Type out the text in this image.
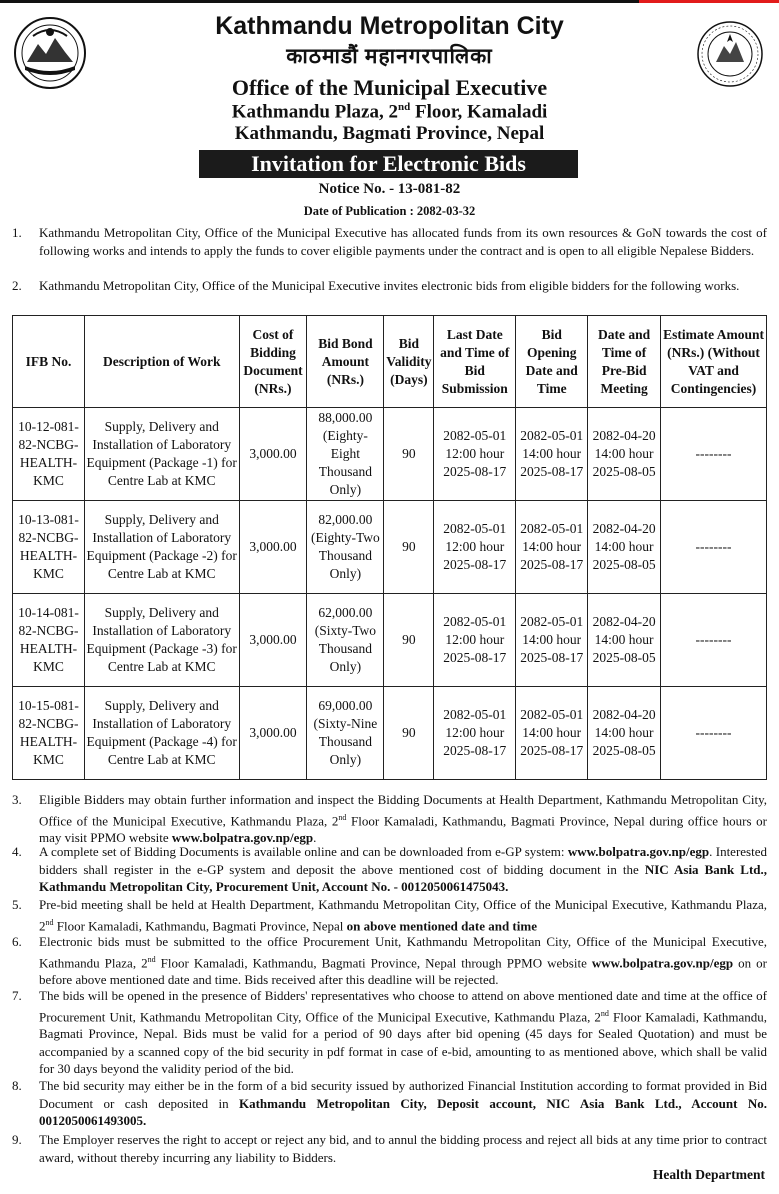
Kathmandu Metropolitan City
काठमाडौं महानगरपालिका
Office of the Municipal Executive
Kathmandu Plaza, 2nd Floor, Kamaladi
Kathmandu, Bagmati Province, Nepal
Invitation for Electronic Bids
Notice No. - 13-081-82
Date of Publication : 2082-03-32
1. Kathmandu Metropolitan City, Office of the Municipal Executive has allocated funds from its own resources & GoN towards the cost of following works and intends to apply the funds to cover eligible payments under the contract and is open to all eligible Nepalese Bidders.
2. Kathmandu Metropolitan City, Office of the Municipal Executive invites electronic bids from eligible bidders for the following works.
IFB No.	Description of Work	Cost of Bidding Document (NRs.)	Bid Bond Amount (NRs.)	Bid Validity (Days)	Last Date and Time of Bid Submission	Bid Opening Date and Time	Date and Time of Pre-Bid Meeting	Estimate Amount (NRs.) (Without VAT and Contingencies)
10-12-081-82-NCBG-HEALTH-KMC	Supply, Delivery and Installation of Laboratory Equipment (Package -1) for Centre Lab at KMC	3,000.00	88,000.00 (Eighty-Eight Thousand Only)	90	2082-05-01 12:00 hour 2025-08-17	2082-05-01 14:00 hour 2025-08-17	2082-04-20 14:00 hour 2025-08-05	--------
10-13-081-82-NCBG-HEALTH-KMC	Supply, Delivery and Installation of Laboratory Equipment (Package -2) for Centre Lab at KMC	3,000.00	82,000.00 (Eighty-Two Thousand Only)	90	2082-05-01 12:00 hour 2025-08-17	2082-05-01 14:00 hour 2025-08-17	2082-04-20 14:00 hour 2025-08-05	--------
10-14-081-82-NCBG-HEALTH-KMC	Supply, Delivery and Installation of Laboratory Equipment (Package -3) for Centre Lab at KMC	3,000.00	62,000.00 (Sixty-Two Thousand Only)	90	2082-05-01 12:00 hour 2025-08-17	2082-05-01 14:00 hour 2025-08-17	2082-04-20 14:00 hour 2025-08-05	--------
10-15-081-82-NCBG-HEALTH-KMC	Supply, Delivery and Installation of Laboratory Equipment (Package -4) for Centre Lab at KMC	3,000.00	69,000.00 (Sixty-Nine Thousand Only)	90	2082-05-01 12:00 hour 2025-08-17	2082-05-01 14:00 hour 2025-08-17	2082-04-20 14:00 hour 2025-08-05	--------
3. Eligible Bidders may obtain further information and inspect the Bidding Documents at Health Department, Kathmandu Metropolitan City, Office of the Municipal Executive, Kathmandu Plaza, 2nd Floor Kamaladi, Kathmandu, Bagmati Province, Nepal during office hours or may visit PPMO website www.bolpatra.gov.np/egp.
4. A complete set of Bidding Documents is available online and can be downloaded from e-GP system: www.bolpatra.gov.np/egp. Interested bidders shall register in the e-GP system and deposit the above mentioned cost of bidding document in the NIC Asia Bank Ltd., Kathmandu Metropolitan City, Procurement Unit, Account No. - 0012050061475043.
5. Pre-bid meeting shall be held at Health Department, Kathmandu Metropolitan City, Office of the Municipal Executive, Kathmandu Plaza, 2nd Floor Kamaladi, Kathmandu, Bagmati Province, Nepal on above mentioned date and time
6. Electronic bids must be submitted to the office Procurement Unit, Kathmandu Metropolitan City, Office of the Municipal Executive, Kathmandu Plaza, 2nd Floor Kamaladi, Kathmandu, Bagmati Province, Nepal through PPMO website www.bolpatra.gov.np/egp on or before above mentioned date and time. Bids received after this deadline will be rejected.
7. The bids will be opened in the presence of Bidders' representatives who choose to attend on above mentioned date and time at the office of Procurement Unit, Kathmandu Metropolitan City, Office of the Municipal Executive, Kathmandu Plaza, 2nd Floor Kamaladi, Kathmandu, Bagmati Province, Nepal. Bids must be valid for a period of 90 days after bid opening (45 days for Sealed Quotation) and must be accompanied by a scanned copy of the bid security in pdf format in case of e-bid, amounting to as mentioned above, which shall be valid for 30 days beyond the validity period of the bid.
8. The bid security may either be in the form of a bid security issued by authorized Financial Institution according to format provided in Bid Document or cash deposited in Kathmandu Metropolitan City, Deposit account, NIC Asia Bank Ltd., Account No. 0012050061493005.
9. The Employer reserves the right to accept or reject any bid, and to annul the bidding process and reject all bids at any time prior to contract award, without thereby incurring any liability to Bidders.
Health Department
